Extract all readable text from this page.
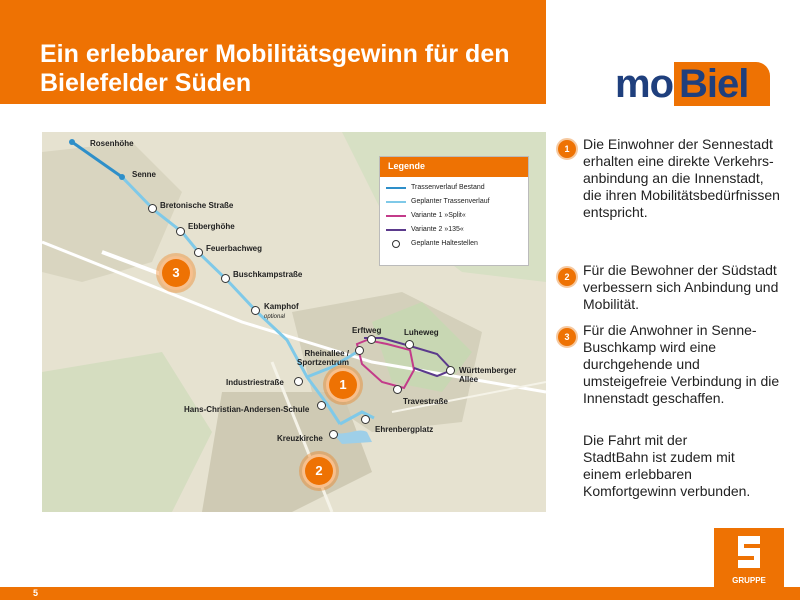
Ein erlebbarer Mobilitätsgewinn für den
Bielefelder Süden	mo Biel
Rosenhöhe
Senne
Bretonische Straße
Ebberghöhe
Feuerbachweg
Buschkampstraße
Kamphof
optional
Erftweg	Luheweg
Rheinallee /
Sportzentrum
Württemberger
Allee
Industriestraße
Travestraße
Hans-Christian-Andersen-Schule
Ehrenbergplatz
Kreuzkirche
1
2
3
Legende
Trassenverlauf Bestand
Geplanter Trassenverlauf
Variante 1 »Split«
Variante 2 »135«
Geplante Haltestellen
1 Die Einwohner der Sennestadt erhalten eine direkte Verkehrs-anbindung an die Innenstadt, die ihren Mobilitätsbedürfnissen entspricht.
2 Für die Bewohner der Südstadt verbessern sich Anbindung und Mobilität.
3 Für die Anwohner in Senne-Buschkamp wird eine durchgehende und umsteigefreie Verbindung in die Innenstadt geschaffen.
Die Fahrt mit der StadtBahn ist zudem mit einem erlebbaren Komfortgewinn verbunden.
GRUPPE
5
